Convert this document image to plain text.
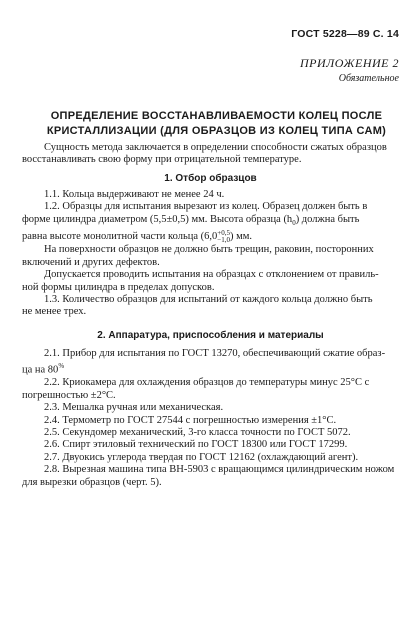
ГОСТ 5228—89 С. 14
ПРИЛОЖЕНИЕ 2
Обязательное
ОПРЕДЕЛЕНИЕ ВОССТАНАВЛИВАЕМОСТИ КОЛЕЦ ПОСЛЕ
КРИСТАЛЛИЗАЦИИ (ДЛЯ ОБРАЗЦОВ ИЗ КОЛЕЦ ТИПА САМ)
Сущность метода заключается в определении способности сжатых образцов
восстанавливать свою форму при отрицательной температуре.
1. Отбор образцов
1.1. Кольца выдерживают не менее 24 ч.
1.2. Образцы для испытания вырезают из колец. Образец должен быть в
форме цилиндра диаметром (5,5±0,5) мм. Высота образца $(h_0)$ должна быть
равна высоте монолитной части кольца (6,0 +0,5
−1,0 ) мм.
На поверхности образцов не должно быть трещин, раковин, посторонних
включений и других дефектов.
Допускается проводить испытания на образцах с отклонением от правиль-
ной формы цилиндра в пределах допусков.
1.3. Количество образцов для испытаний от каждого кольца должно быть
не менее трех.
2. Аппаратура, приспособления и материалы
2.1. Прибор для испытания по ГОСТ 13270, обеспечивающий сжатие образ-
ца на 80%
2.2. Криокамера для охлаждения образцов до температуры минус 25°С с
погрешностью ±2°С.
2.3. Мешалка ручная или механическая.
2.4. Термометр по ГОСТ 27544 с погрешностью измерения ±1°С.
2.5. Секундомер механический, 3-го класса точности по ГОСТ 5072.
2.6. Спирт этиловый технический по ГОСТ 18300 или ГОСТ 17299.
2.7. Двуокись углерода твердая по ГОСТ 12162 (охлаждающий агент).
2.8. Вырезная машина типа ВН-5903 с вращающимся цилиндрическим ножом
для вырезки образцов (черт. 5).
